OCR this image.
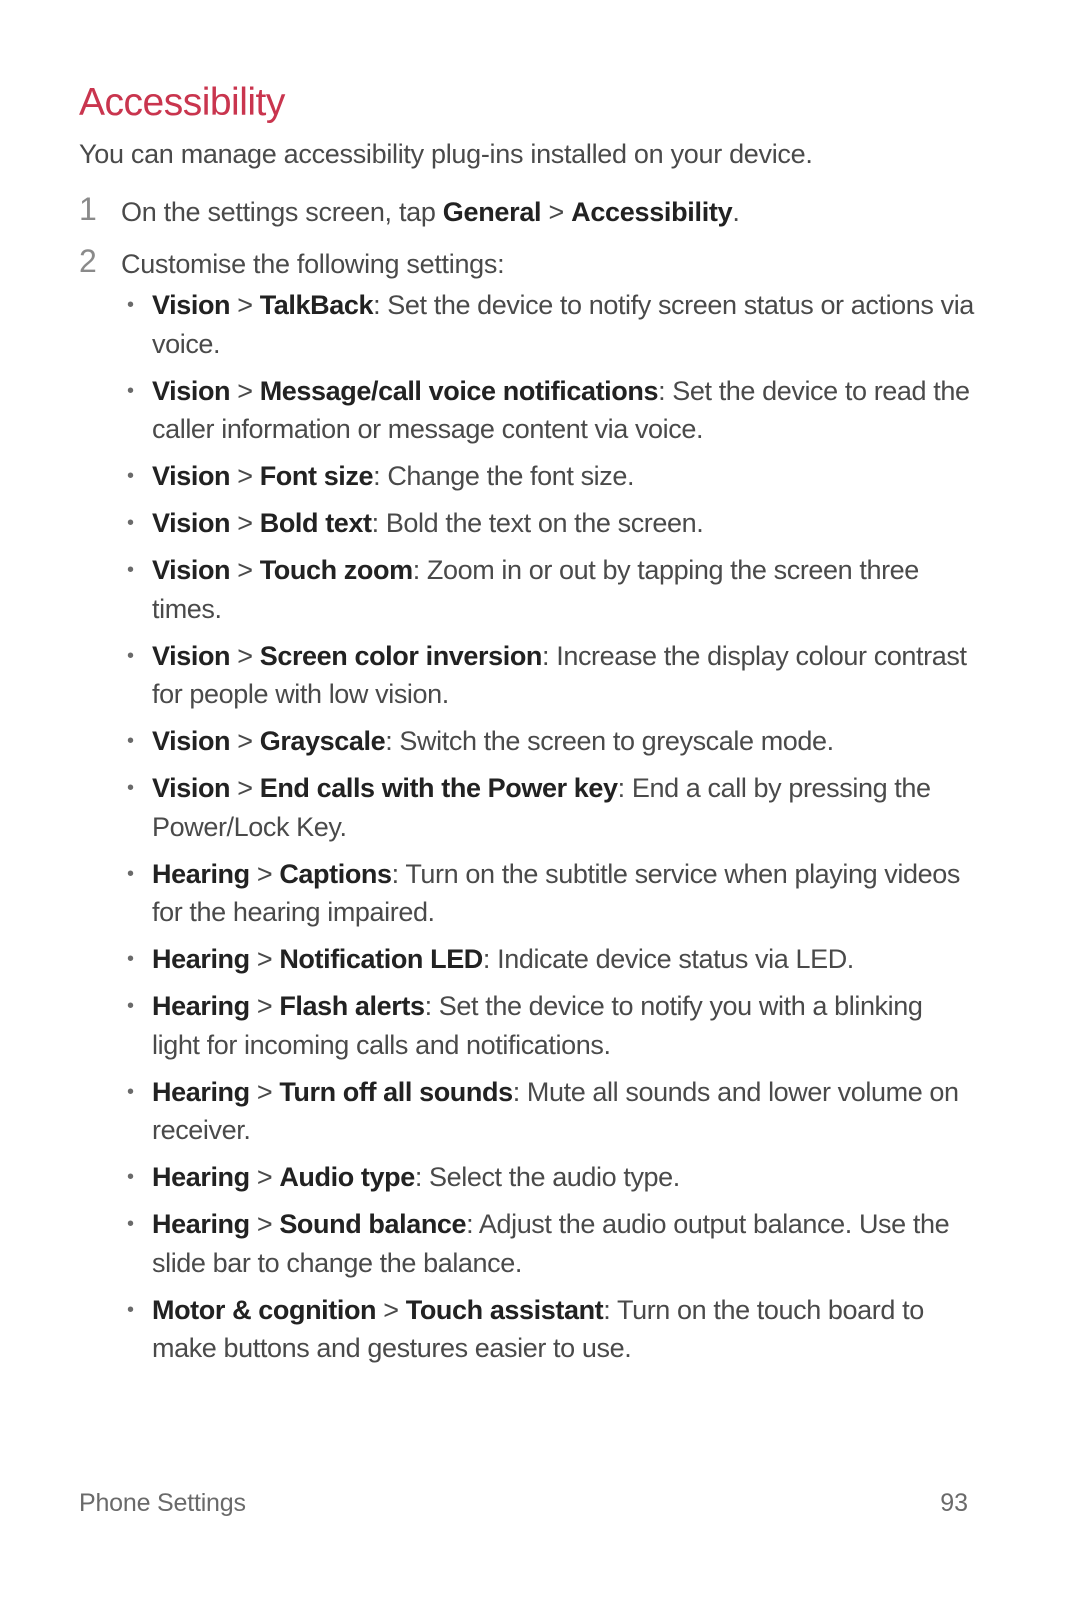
Accessibility

You can manage accessibility plug-ins installed on your device.

1 On the settings screen, tap General > Accessibility.
2 Customise the following settings:
• Vision > TalkBack: Set the device to notify screen status or actions via voice.
• Vision > Message/call voice notifications: Set the device to read the caller information or message content via voice.
• Vision > Font size: Change the font size.
• Vision > Bold text: Bold the text on the screen.
• Vision > Touch zoom: Zoom in or out by tapping the screen three times.
• Vision > Screen color inversion: Increase the display colour contrast for people with low vision.
• Vision > Grayscale: Switch the screen to greyscale mode.
• Vision > End calls with the Power key: End a call by pressing the Power/Lock Key.
• Hearing > Captions: Turn on the subtitle service when playing videos for the hearing impaired.
• Hearing > Notification LED: Indicate device status via LED.
• Hearing > Flash alerts: Set the device to notify you with a blinking light for incoming calls and notifications.
• Hearing > Turn off all sounds: Mute all sounds and lower volume on receiver.
• Hearing > Audio type: Select the audio type.
• Hearing > Sound balance: Adjust the audio output balance. Use the slide bar to change the balance.
• Motor & cognition > Touch assistant: Turn on the touch board to make buttons and gestures easier to use.
Phone Settings	93
